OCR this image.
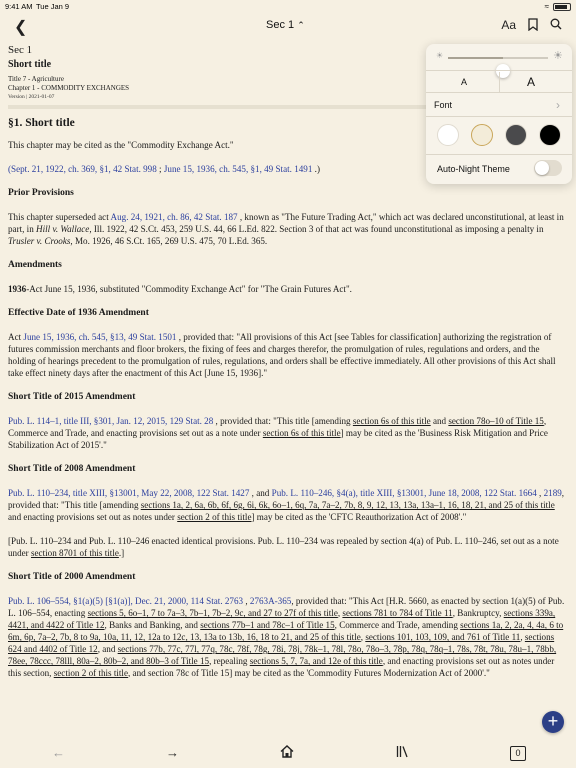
9:41 AM Tue Jan 9	≈
❮	Sec 1 ⌃	Aa
Sec 1
Short title
Title 7 - Agriculture
Chapter 1 - COMMODITY EXCHANGES
Version | 2021-01-07
§1. Short title

This chapter may be cited as the "Commodity Exchange Act."

(Sept. 21, 1922, ch. 369, §1, 42 Stat. 998 ; June 15, 1936, ch. 545, §1, 49 Stat. 1491 .)

Prior Provisions

This chapter superseded act Aug. 24, 1921, ch. 86, 42 Stat. 187 , known as "The Future Trading Act," which act was declared unconstitutional, at least in part, in Hill v. Wallace, Ill. 1922, 42 S.Ct. 453, 259 U.S. 44, 66 L.Ed. 822. Section 3 of that act was found unconstitutional as imposing a penalty in Trusler v. Crooks, Mo. 1926, 46 S.Ct. 165, 269 U.S. 475, 70 L.Ed. 365.

Amendments

1936-Act June 15, 1936, substituted "Commodity Exchange Act" for "The Grain Futures Act".

Effective Date of 1936 Amendment

Act June 15, 1936, ch. 545, §13, 49 Stat. 1501 , provided that: "All provisions of this Act [see Tables for classification] authorizing the registration of futures commission merchants and floor brokers, the fixing of fees and charges therefor, the promulgation of rules, regulations and orders, and the holding of hearings precedent to the promulgation of rules, regulations, and orders shall be effective immediately. All other provisions of this Act shall take effect ninety days after the enactment of this Act [June 15, 1936]."

Short Title of 2015 Amendment

Pub. L. 114–1, title III, §301, Jan. 12, 2015, 129 Stat. 28 , provided that: "This title [amending section 6s of this title and section 78o–10 of Title 15, Commerce and Trade, and enacting provisions set out as a note under section 6s of this title] may be cited as the 'Business Risk Mitigation and Price Stabilization Act of 2015'."

Short Title of 2008 Amendment

Pub. L. 110–234, title XIII, §13001, May 22, 2008, 122 Stat. 1427 , and Pub. L. 110–246, §4(a), title XIII, §13001, June 18, 2008, 122 Stat. 1664 , 2189, provided that: "This title [amending sections 1a, 2, 6a, 6b, 6f, 6g, 6i, 6k, 6o–1, 6q, 7a, 7a–2, 7b, 8, 9, 12, 13, 13a, 13a–1, 16, 18, 21, and 25 of this title and enacting provisions set out as notes under section 2 of this title] may be cited as the 'CFTC Reauthorization Act of 2008'."

[Pub. L. 110–234 and Pub. L. 110–246 enacted identical provisions. Pub. L. 110–234 was repealed by section 4(a) of Pub. L. 110–246, set out as a note under section 8701 of this title.]

Short Title of 2000 Amendment

Pub. L. 106–554, §1(a)(5) [§1(a)], Dec. 21, 2000, 114 Stat. 2763 , 2763A-365, provided that: "This Act [H.R. 5660, as enacted by section 1(a)(5) of Pub. L. 106–554, enacting sections 5, 6o–1, 7 to 7a–3, 7b–1, 7b–2, 9c, and 27 to 27f of this title, sections 781 to 784 of Title 11, Bankruptcy, sections 339a, 4421, and 4422 of Title 12, Banks and Banking, and sections 77b–1 and 78c–1 of Title 15, Commerce and Trade, amending sections 1a, 2, 2a, 4, 4a, 6 to 6m, 6p, 7a–2, 7b, 8 to 9a, 10a, 11, 12, 12a to 12c, 13, 13a to 13b, 16, 18 to 21, and 25 of this title, sections 101, 103, 109, and 761 of Title 11, sections 624 and 4402 of Title 12, and sections 77b, 77c, 77l, 77q, 78c, 78f, 78g, 78i, 78j, 78k–1, 78l, 78o, 78o–3, 78p, 78q, 78q–1, 78s, 78t, 78u, 78u–1, 78bb, 78ee, 78ccc, 78lll, 80a–2, 80b–2, and 80b–3 of Title 15, repealing sections 5, 7, 7a, and 12e of this title, and enacting provisions set out as notes under this section, section 2 of this title, and section 78c of Title 15] may be cited as the 'Commodity Futures Modernization Act of 2000'."

+
←	→	0
☀	☀
A	A
Font	›
Auto-Night Theme
